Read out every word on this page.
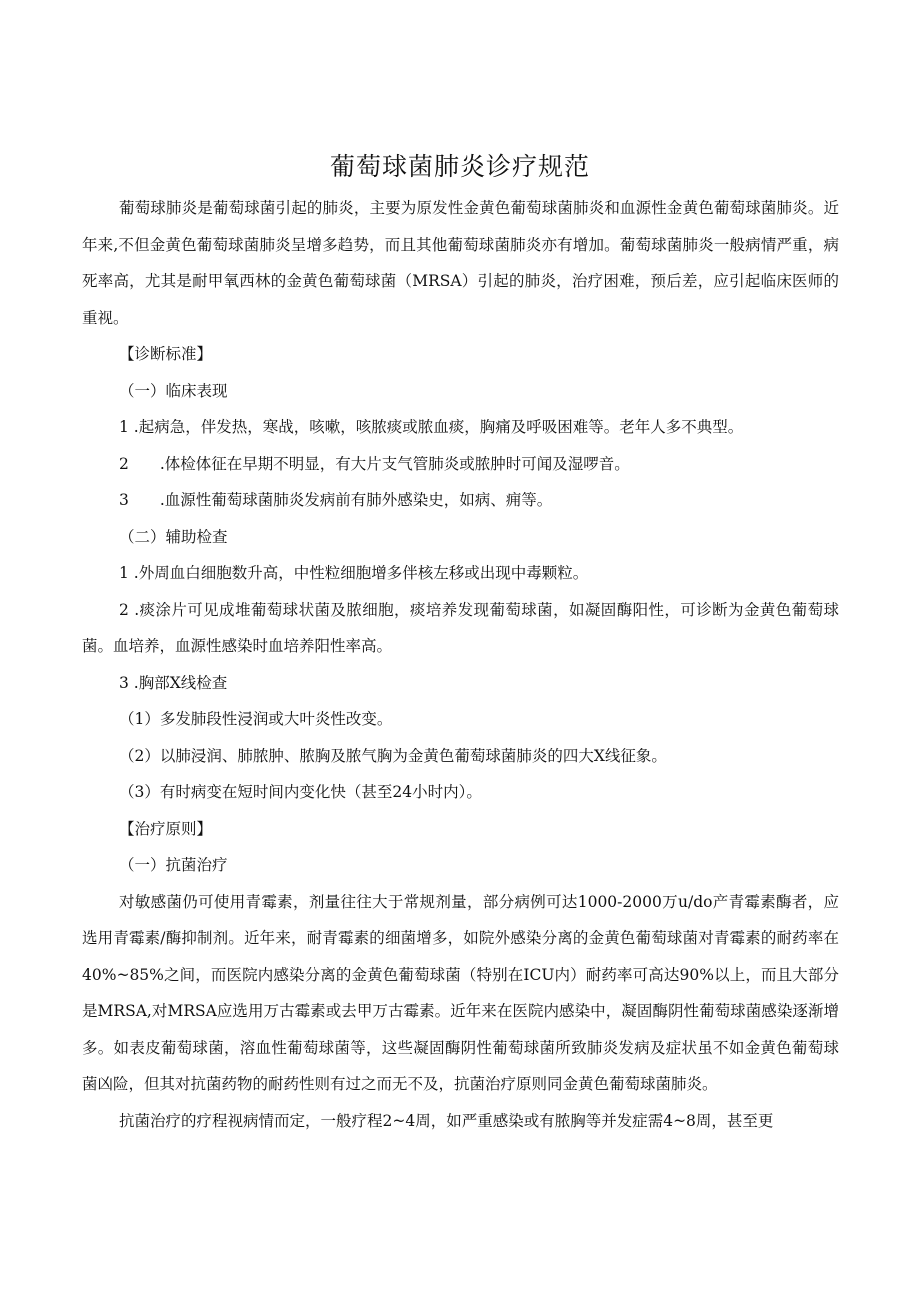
葡萄球菌肺炎诊疗规范

葡萄球肺炎是葡萄球菌引起的肺炎，主要为原发性金黄色葡萄球菌肺炎和血源性金黄色葡萄球菌肺炎。近年来,不但金黄色葡萄球菌肺炎呈增多趋势，而且其他葡萄球菌肺炎亦有增加。葡萄球菌肺炎一般病情严重，病死率高，尤其是耐甲氧西林的金黄色葡萄球菌（MRSA）引起的肺炎，治疗困难，预后差，应引起临床医师的重视。

【诊断标准】

（一）临床表现

1 .起病急，伴发热，寒战，咳嗽，咳脓痰或脓血痰，胸痛及呼吸困难等。老年人多不典型。

2　　.体检体征在早期不明显，有大片支气管肺炎或脓肿时可闻及湿啰音。

3　　.血源性葡萄球菌肺炎发病前有肺外感染史，如病、痈等。

（二）辅助检查

1 .外周血白细胞数升高，中性粒细胞增多伴核左移或出现中毒颗粒。

2 .痰涂片可见成堆葡萄球状菌及脓细胞，痰培养发现葡萄球菌，如凝固酶阳性，可诊断为金黄色葡萄球菌。血培养，血源性感染时血培养阳性率高。

3 .胸部X线检查

（1）多发肺段性浸润或大叶炎性改变。

（2）以肺浸润、肺脓肿、脓胸及脓气胸为金黄色葡萄球菌肺炎的四大X线征象。

（3）有时病变在短时间内变化快（甚至24小时内）。

【治疗原则】

（一）抗菌治疗

对敏感菌仍可使用青霉素，剂量往往大于常规剂量，部分病例可达1000-2000万u/do产青霉素酶者，应选用青霉素/酶抑制剂。近年来，耐青霉素的细菌增多，如院外感染分离的金黄色葡萄球菌对青霉素的耐药率在40%~85%之间，而医院内感染分离的金黄色葡萄球菌（特别在ICU内）耐药率可高达90%以上，而且大部分是MRSA,对MRSA应选用万古霉素或去甲万古霉素。近年来在医院内感染中，凝固酶阴性葡萄球菌感染逐渐增多。如表皮葡萄球菌，溶血性葡萄球菌等，这些凝固酶阴性葡萄球菌所致肺炎发病及症状虽不如金黄色葡萄球菌凶险，但其对抗菌药物的耐药性则有过之而无不及，抗菌治疗原则同金黄色葡萄球菌肺炎。

抗菌治疗的疗程视病情而定，一般疗程2~4周，如严重感染或有脓胸等并发症需4~8周，甚至更
